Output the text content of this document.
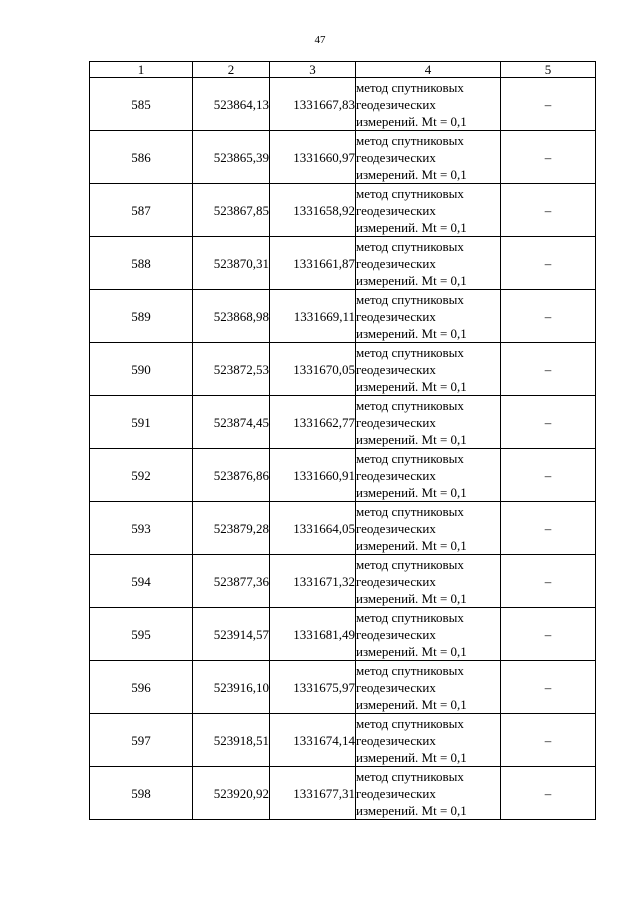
47
1	2	3	4	5
585	523864,13	1331667,83	метод спутниковых
геодезических
измерений. Mt = 0,1	–
586	523865,39	1331660,97	метод спутниковых
геодезических
измерений. Mt = 0,1	–
587	523867,85	1331658,92	метод спутниковых
геодезических
измерений. Mt = 0,1	–
588	523870,31	1331661,87	метод спутниковых
геодезических
измерений. Mt = 0,1	–
589	523868,98	1331669,11	метод спутниковых
геодезических
измерений. Mt = 0,1	–
590	523872,53	1331670,05	метод спутниковых
геодезических
измерений. Mt = 0,1	–
591	523874,45	1331662,77	метод спутниковых
геодезических
измерений. Mt = 0,1	–
592	523876,86	1331660,91	метод спутниковых
геодезических
измерений. Mt = 0,1	–
593	523879,28	1331664,05	метод спутниковых
геодезических
измерений. Mt = 0,1	–
594	523877,36	1331671,32	метод спутниковых
геодезических
измерений. Mt = 0,1	–
595	523914,57	1331681,49	метод спутниковых
геодезических
измерений. Mt = 0,1	–
596	523916,10	1331675,97	метод спутниковых
геодезических
измерений. Mt = 0,1	–
597	523918,51	1331674,14	метод спутниковых
геодезических
измерений. Mt = 0,1	–
598	523920,92	1331677,31	метод спутниковых
геодезических
измерений. Mt = 0,1	–
